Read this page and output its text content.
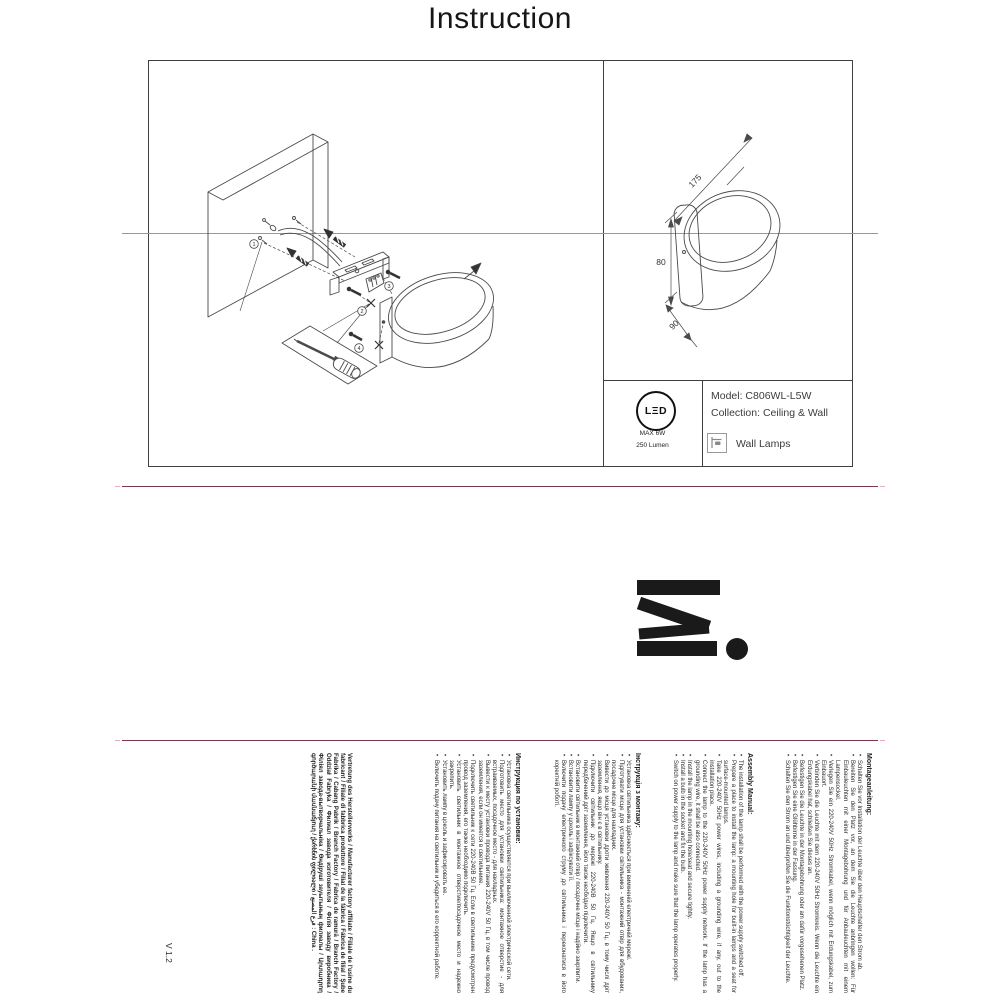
Instruction
1
2
3
4
175
80
90
LΞD
MAX 6W
250 Lumen
Model: C806WL-L5W
Collection: Ceiling & Wall
Wall Lamps
Montageanleitung:
•
Schalten Sie vor Installation der Leuchte über den Hauptschalter den Strom ab.
•
Bereiten Sie den Platz vor, an dem Sie die Leuchte anbringen wollen: Für Einbauleuchten mit einer Montagebohrung und für Anbauleuchten mit einem Lampensockel.
•
Verlegen Sie ein 220-240V 50Hz Stromkabel, wenn möglich mit Erdungskabel, zum Einbauort.
•
Verbinden Sie die Leuchte mit dem 220-240V 50Hz Stromkreis. Wenn die Leuchte ein Erdungskabel hat, schließen Sie dieses an.
•
Befestigen Sie die Leuchte in der Montagebohrung oder am dafür vorgesehenen Platz.
•
Befestigen Sie eine Glühbirne in der Fassung.
•
Schalten Sie den Strom an und überprüfen Sie die Funktionstüchtigkeit der Leuchte.
Assembly Manual:
•
The installation of the lamp shall be performed with the power supply switched off.
•
Prepare a place to install the lamp: a mounting hole for built-in lamps and a seat for surface-mounted lamps.
•
Take 220-240V 50Hz power wires, including a grounding wire, if any, out to the installation place.
•
Connect the lamp to the 220-240V 50Hz power supply network. If the lamp has a grounding wire, it shall be also connected.
•
Install the lamp in the mounting hole/seat and secure tightly.
•
Install a bulb in the socket and fix the bulb.
•
Switch on power supply to the lamp and make sure that the lamp operates properly.
Інструкція з монтажу:
•
Установка світильника здійснюється при вимкненій електричній мережі.
•
Підготувати місце для установки світильника - монтажний отвір для вбудованих, посадочне місце для накладних.
•
Вивести до місця установки дроти живлення 220-240V 50 Гц, в тому числі дріт заземлення, якщо він є в світильнику.
•
Підключити світильник до мережі 220-240В 50 Гц. Якщо в світильнику передбачений дріт заземлення, його також необхідно підключити.
•
Встановити світильник в монтажний отвір / посадочне місце і надійно закріпити.
•
Встановити лампу у цоколь і зафіксувати її.
•
Включити подачу електричного струму до світильника і переконатися в його коректній роботі.
Инструкция по установке:
•
Установка светильника осуществляется при выключенной электрической сети.
•
Подготовить место для установки светильника: монтажное отверстие - для встраиваемых, посадочное место - для накладных.
•
Вывести к месту установки провода питания 220-240V 50 Гц, в том числе провод заземления, если он имеется в светильнике.
•
Подключить светильник к сети 220-240В 50 Гц. Если в светильнике предусмотрен провод заземления, его также необходимо подключить.
•
Установить светильник в монтажное отверстие/посадочное место и надежно закрепить.
•
Установить лампу в цоколь и зафиксировать ее.
•
Включить подачу питания на светильник и убедиться в его корректной работе.
Vertretung des Herstellerwerks / Manufacturer factory affiliate / Filiale de l'usine du fabricant / Filiale di fabbrica produttore / Filial de la fábrica / Fábrica de filial / Şube Fabrika / Cabang Pabrik / Branch Factory / Fabrica de ramură / Branch Factory / Oddział Fabryka / Филиал завода изготовителя / Філія заводу виробника / Філіял завода-вытворчальніка / Өндіруші зауытының филиалы / Արտադրող գործարանի մասնաճյուղ / ქარხნის ფილიალი / فرع المصنع : China .
V 1.2
